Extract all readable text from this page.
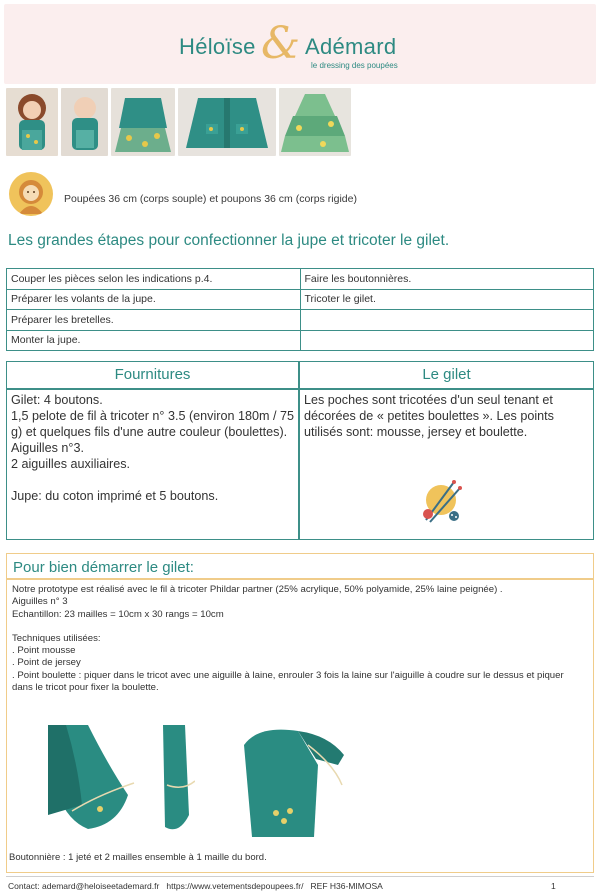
Héloïse & Adémard
le dressing des poupées
Poupées 36 cm (corps souple) et poupons 36 cm (corps rigide)
Les grandes étapes pour confectionner la jupe et tricoter le gilet.
Couper les pièces selon les indications p.4.	Faire les boutonnières.
Préparer les volants de la jupe.	Tricoter le gilet.
Préparer les bretelles.	
Monter la jupe.	
Fournitures

Gilet: 4 boutons.

1,5 pelote de fil à tricoter n° 3.5 (environ 180m / 75 g) et quelques fils d'une autre couleur (boulettes).

Aiguilles n°3.

2 aiguilles auxiliaires.

Jupe: du coton imprimé et 5 boutons.

Le gilet
Les poches sont tricotées d'un seul tenant et décorées de « petites boulettes ». Les points utilisés sont: mousse, jersey et boulette.
Pour bien démarrer le gilet:

Notre prototype est réalisé avec le fil à tricoter Phildar partner (25% acrylique, 50% polyamide, 25% laine peignée) .

Aiguilles n° 3

Echantillon: 23 mailles = 10cm x 30 rangs = 10cm

Techniques utilisées:

. Point mousse

. Point de jersey

. Point boulette : piquer dans le tricot avec une aiguille à laine, enrouler 3 fois la laine sur l'aiguille à coudre sur le dessus et piquer dans le tricot pour fixer la boulette.

Boutonnière : 1 jeté et 2 mailles ensemble à 1 maille du bord.
Contact: ademard@heloiseetademard.fr https://www.vetementsdepoupees.fr/ REF H36-MIMOSA	1
